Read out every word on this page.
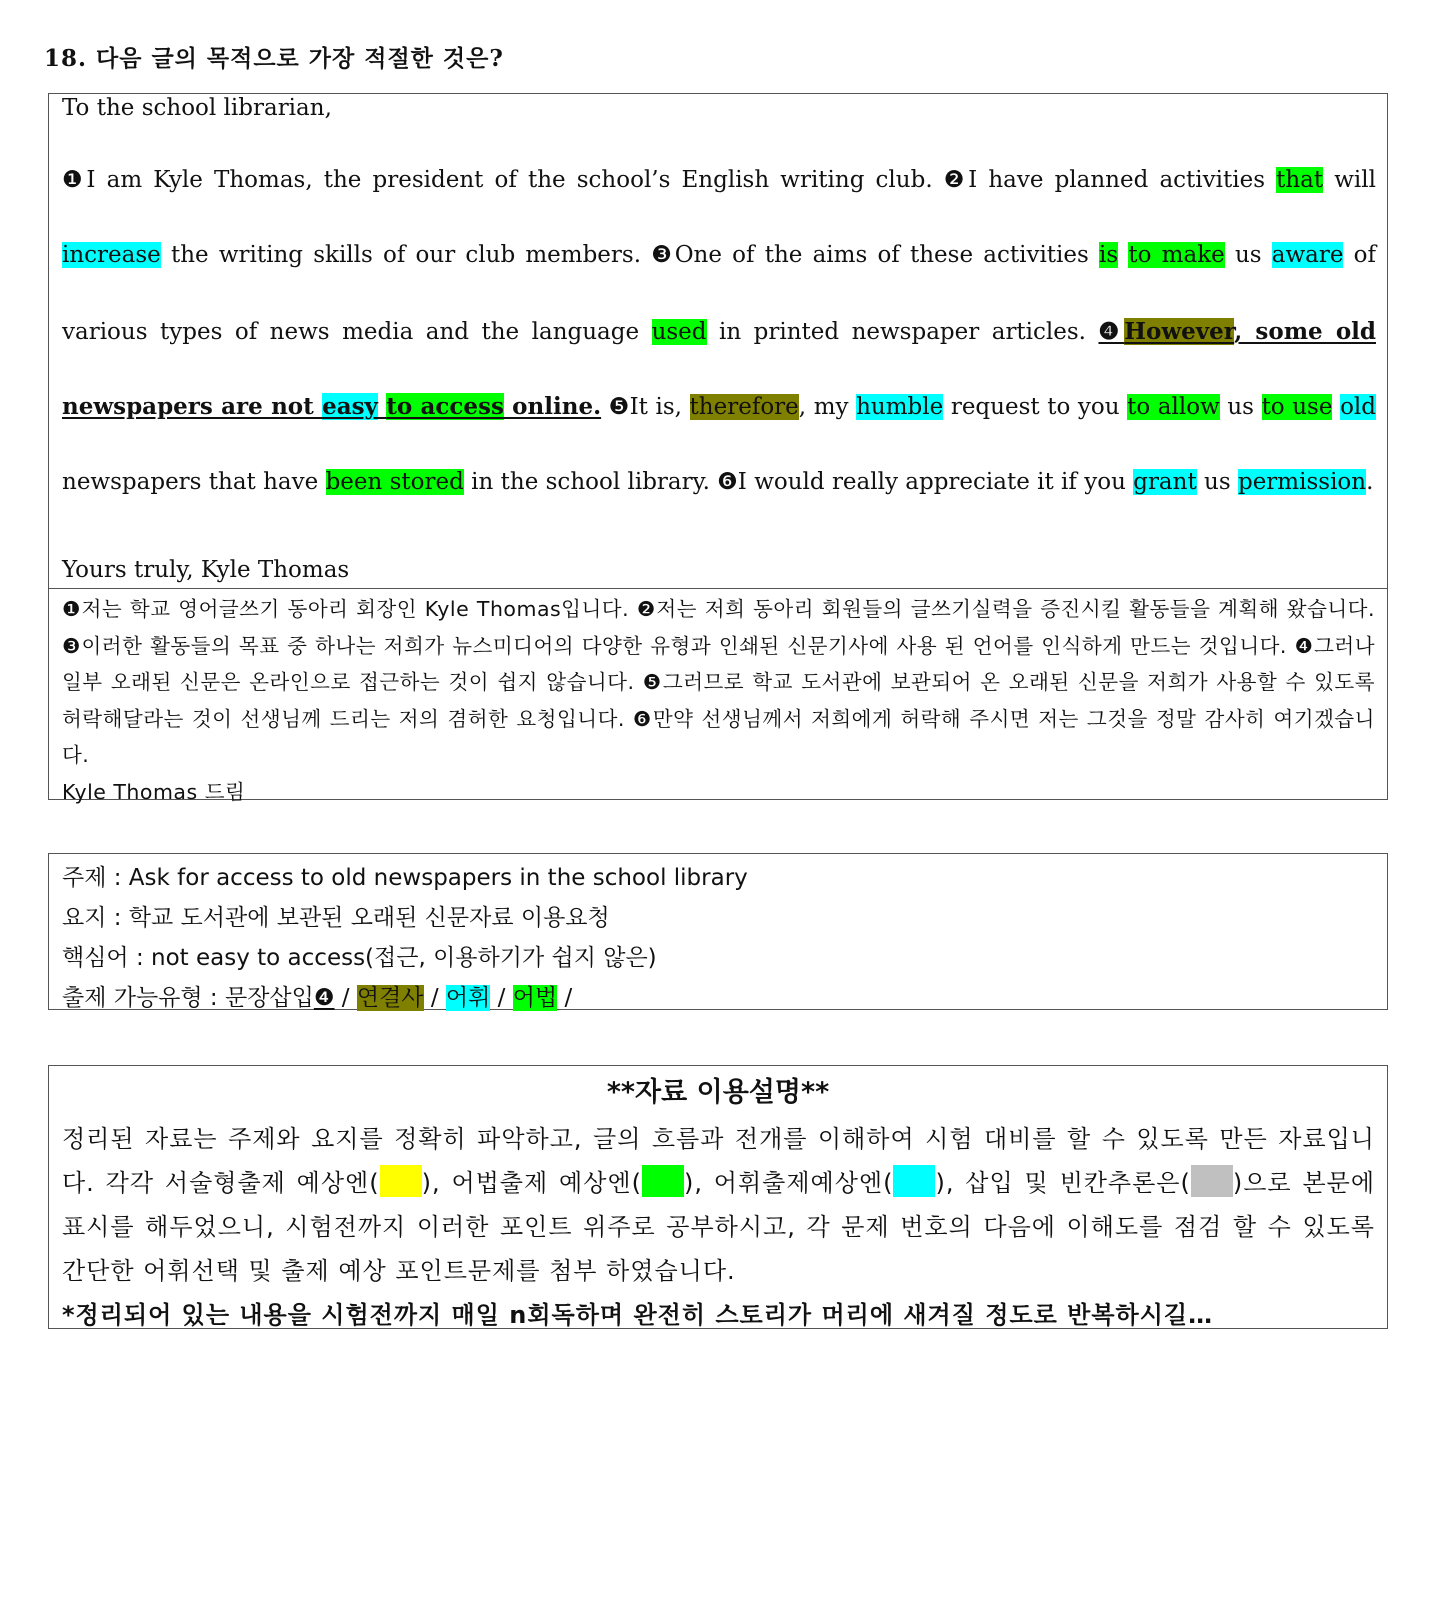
18. 다음 글의 목적으로 가장 적절한 것은?
To the school librarian,
❶I am Kyle Thomas, the president of the school’s English writing club. ❷I have planned activities that will
increase the writing skills of our club members. ❸One of the aims of these activities is to make us aware of
various types of news media and the language used in printed newspaper articles. ❹However, some old
newspapers are not easy to access online. ❺It is, therefore, my humble request to you to allow us to use old
newspapers that have been stored in the school library. ❻I would really appreciate it if you grant us permission.
Yours truly, Kyle Thomas
❶저는 학교 영어글쓰기 동아리 회장인 Kyle Thomas입니다. ❷저는 저희 동아리 회원들의 글쓰기실력을 증진시킬 활동들을 계획해 왔습니다. ❸이러한 활동들의 목표 중 하나는 저희가 뉴스미디어의 다양한 유형과 인쇄된 신문기사에 사용 된 언어를 인식하게 만드는 것입니다. ❹그러나 일부 오래된 신문은 온라인으로 접근하는 것이 쉽지 않습니다. ❺그러므로 학교 도서관에 보관되어 온 오래된 신문을 저희가 사용할 수 있도록 허락해달라는 것이 선생님께 드리는 저의 겸허한 요청입니다. ❻만약 선생님께서 저희에게 허락해 주시면 저는 그것을 정말 감사히 여기겠습니다.
Kyle Thomas 드림
주제 : Ask for access to old newspapers in the school library
요지 : 학교 도서관에 보관된 오래된 신문자료 이용요청
핵심어 : not easy to access(접근, 이용하기가 쉽지 않은)
출제 가능유형 : 문장삽입❹ / 연결사 / 어휘 / 어법 /
**자료 이용설명**
정리된 자료는 주제와 요지를 정확히 파악하고, 글의 흐름과 전개를 이해하여 시험 대비를 할 수 있도록 만든 자료입니다. 각각 서술형출제 예상엔( ), 어법출제 예상엔( ), 어휘출제예상엔( ), 삽입 및 빈칸추론은( )으로 본문에 표시를 해두었으니, 시험전까지 이러한 포인트 위주로 공부하시고, 각 문제 번호의 다음에 이해도를 점검 할 수 있도록 간단한 어휘선택 및 출제 예상 포인트문제를 첨부 하였습니다.
*정리되어 있는 내용을 시험전까지 매일 n회독하며 완전히 스토리가 머리에 새겨질 정도로 반복하시길…
